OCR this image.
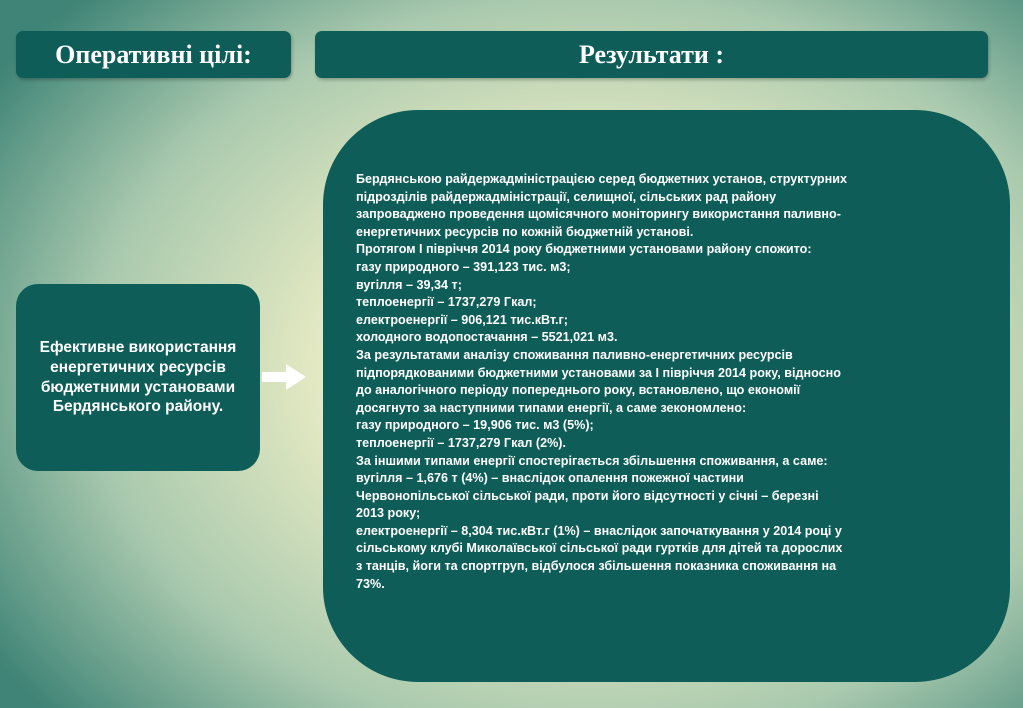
Оперативні цілі:	Результати :
Ефективне використання енергетичних ресурсів бюджетними установами Бердянського району.
Бердянською райдержадміністрацією серед бюджетних установ, структурних
підрозділів райдержадміністрації, селищної, сільських рад району
запроваджено проведення щомісячного моніторингу використання паливно-
енергетичних ресурсів по кожній бюджетній установі.
Протягом І півріччя 2014 року бюджетними установами району спожито:
газу природного – 391,123 тис. м3;
вугілля – 39,34 т;
теплоенергії – 1737,279 Гкал;
електроенергії – 906,121 тис.кВт.г;
холодного водопостачання – 5521,021 м3.
За результатами аналізу споживання паливно-енергетичних ресурсів
підпорядкованими бюджетними установами за І півріччя 2014 року, відносно
до аналогічного періоду попереднього року, встановлено, що економії
досягнуто за наступними типами енергії, а саме зекономлено:
газу природного – 19,906 тис. м3 (5%);
теплоенергії – 1737,279 Гкал (2%).
За іншими типами енергії спостерігається збільшення споживання, а саме:
вугілля – 1,676 т (4%) – внаслідок опалення пожежної частини
Червонопільської сільської ради, проти його відсутності у січні – березні
2013 року;
електроенергії – 8,304 тис.кВт.г (1%) – внаслідок започаткування у 2014 році у
сільському клубі Миколаївської сільської ради гуртків для дітей та дорослих
з танців, йоги та спортгруп, відбулося збільшення показника споживання на
73%.
